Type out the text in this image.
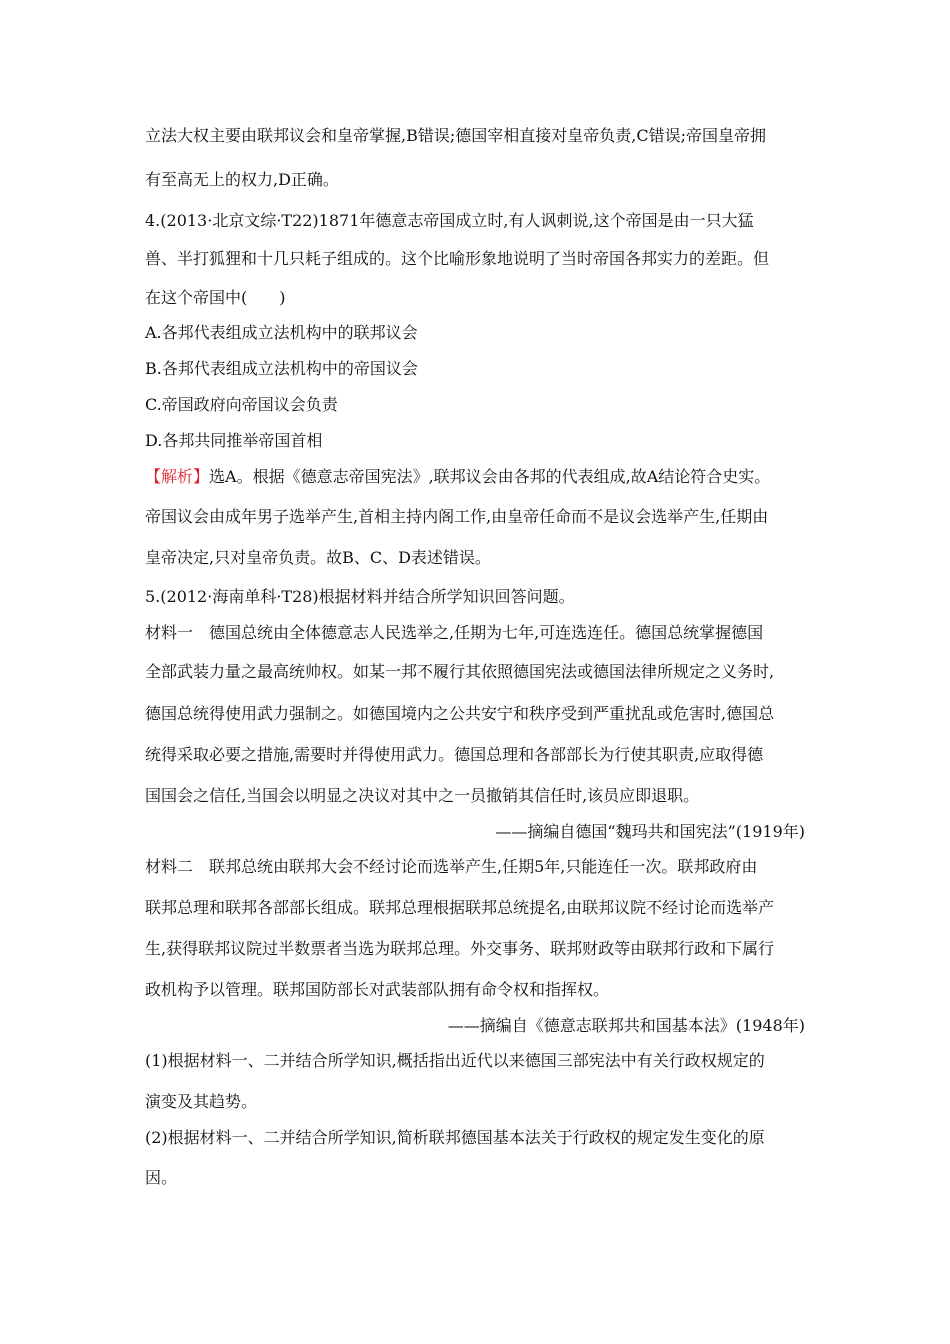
立法大权主要由联邦议会和皇帝掌握,B错误;德国宰相直接对皇帝负责,C错误;帝国皇帝拥
有至高无上的权力,D正确。
4.(2013·北京文综·T22)1871年德意志帝国成立时,有人讽刺说,这个帝国是由一只大猛
兽、半打狐狸和十几只耗子组成的。这个比喻形象地说明了当时帝国各邦实力的差距。但
在这个帝国中(　　)
A.各邦代表组成立法机构中的联邦议会
B.各邦代表组成立法机构中的帝国议会
C.帝国政府向帝国议会负责
D.各邦共同推举帝国首相
【解析】选A。根据《德意志帝国宪法》,联邦议会由各邦的代表组成,故A结论符合史实。
帝国议会由成年男子选举产生,首相主持内阁工作,由皇帝任命而不是议会选举产生,任期由
皇帝决定,只对皇帝负责。故B、C、D表述错误。
5.(2012·海南单科·T28)根据材料并结合所学知识回答问题。
材料一　德国总统由全体德意志人民选举之,任期为七年,可连选连任。德国总统掌握德国
全部武装力量之最高统帅权。如某一邦不履行其依照德国宪法或德国法律所规定之义务时,
德国总统得使用武力强制之。如德国境内之公共安宁和秩序受到严重扰乱或危害时,德国总
统得采取必要之措施,需要时并得使用武力。德国总理和各部部长为行使其职责,应取得德
国国会之信任,当国会以明显之决议对其中之一员撤销其信任时,该员应即退职。
——摘编自德国“魏玛共和国宪法”(1919年)
材料二　联邦总统由联邦大会不经讨论而选举产生,任期5年,只能连任一次。联邦政府由
联邦总理和联邦各部部长组成。联邦总理根据联邦总统提名,由联邦议院不经讨论而选举产
生,获得联邦议院过半数票者当选为联邦总理。外交事务、联邦财政等由联邦行政和下属行
政机构予以管理。联邦国防部长对武装部队拥有命令权和指挥权。
——摘编自《德意志联邦共和国基本法》(1948年)
(1)根据材料一、二并结合所学知识,概括指出近代以来德国三部宪法中有关行政权规定的
演变及其趋势。
(2)根据材料一、二并结合所学知识,简析联邦德国基本法关于行政权的规定发生变化的原
因。
